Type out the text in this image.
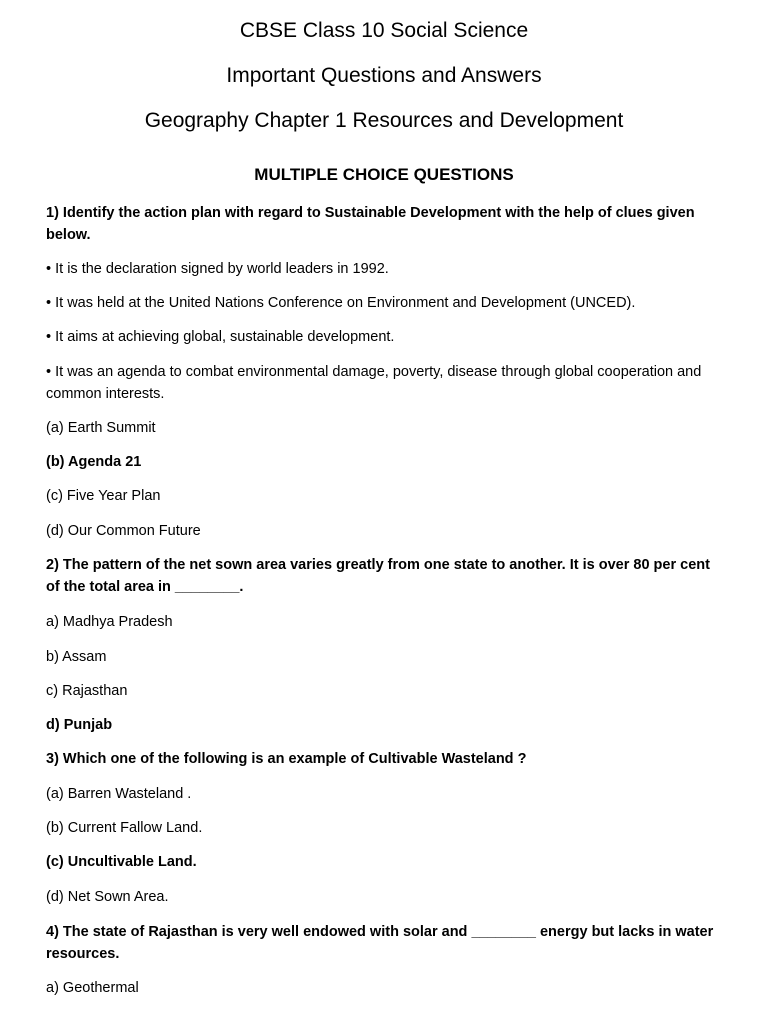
CBSE Class 10 Social Science
Important Questions and Answers
Geography Chapter 1 Resources and Development
MULTIPLE CHOICE QUESTIONS
1) Identify the action plan with regard to Sustainable Development with the help of clues given below.
• It is the declaration signed by world leaders in 1992.
• It was held at the United Nations Conference on Environment and Development (UNCED).
• It aims at achieving global, sustainable development.
• It was an agenda to combat environmental damage, poverty, disease through global cooperation and common interests.
(a) Earth Summit
(b) Agenda 21
(c) Five Year Plan
(d) Our Common Future
2) The pattern of the net sown area varies greatly from one state to another. It is over 80 per cent of the total area in ________.
a) Madhya Pradesh
b) Assam
c) Rajasthan
d) Punjab
3) Which one of the following is an example of Cultivable Wasteland ?
(a) Barren Wasteland .
(b) Current Fallow Land.
(c) Uncultivable Land.
(d) Net Sown Area.
4) The state of Rajasthan is very well endowed with solar and ________ energy but lacks in water resources.
a) Geothermal
